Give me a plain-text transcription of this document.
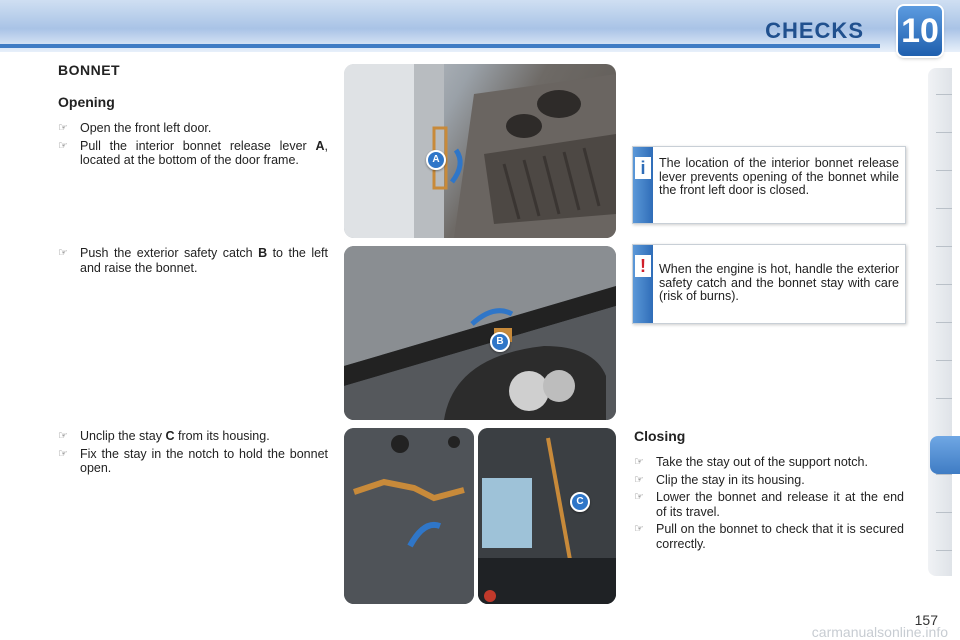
CHECKS 10
BONNET
Opening
☞ Open the front left door.
☞ Pull the interior bonnet release lever A, located at the bottom of the door frame.
☞ Push the exterior safety catch B to the left and raise the bonnet.
☞ Unclip the stay C from its housing.
☞ Fix the stay in the notch to hold the bonnet open.
A
B
C
i	The location of the interior bonnet release lever prevents opening of the bonnet while the front left door is closed.
!	When the engine is hot, handle the exterior safety catch and the bonnet stay with care (risk of burns).
Closing
☞ Take the stay out of the support notch.
☞ Clip the stay in its housing.
☞ Lower the bonnet and release it at the end of its travel.
☞ Pull on the bonnet to check that it is secured correctly.
157
carmanualsonline.info
